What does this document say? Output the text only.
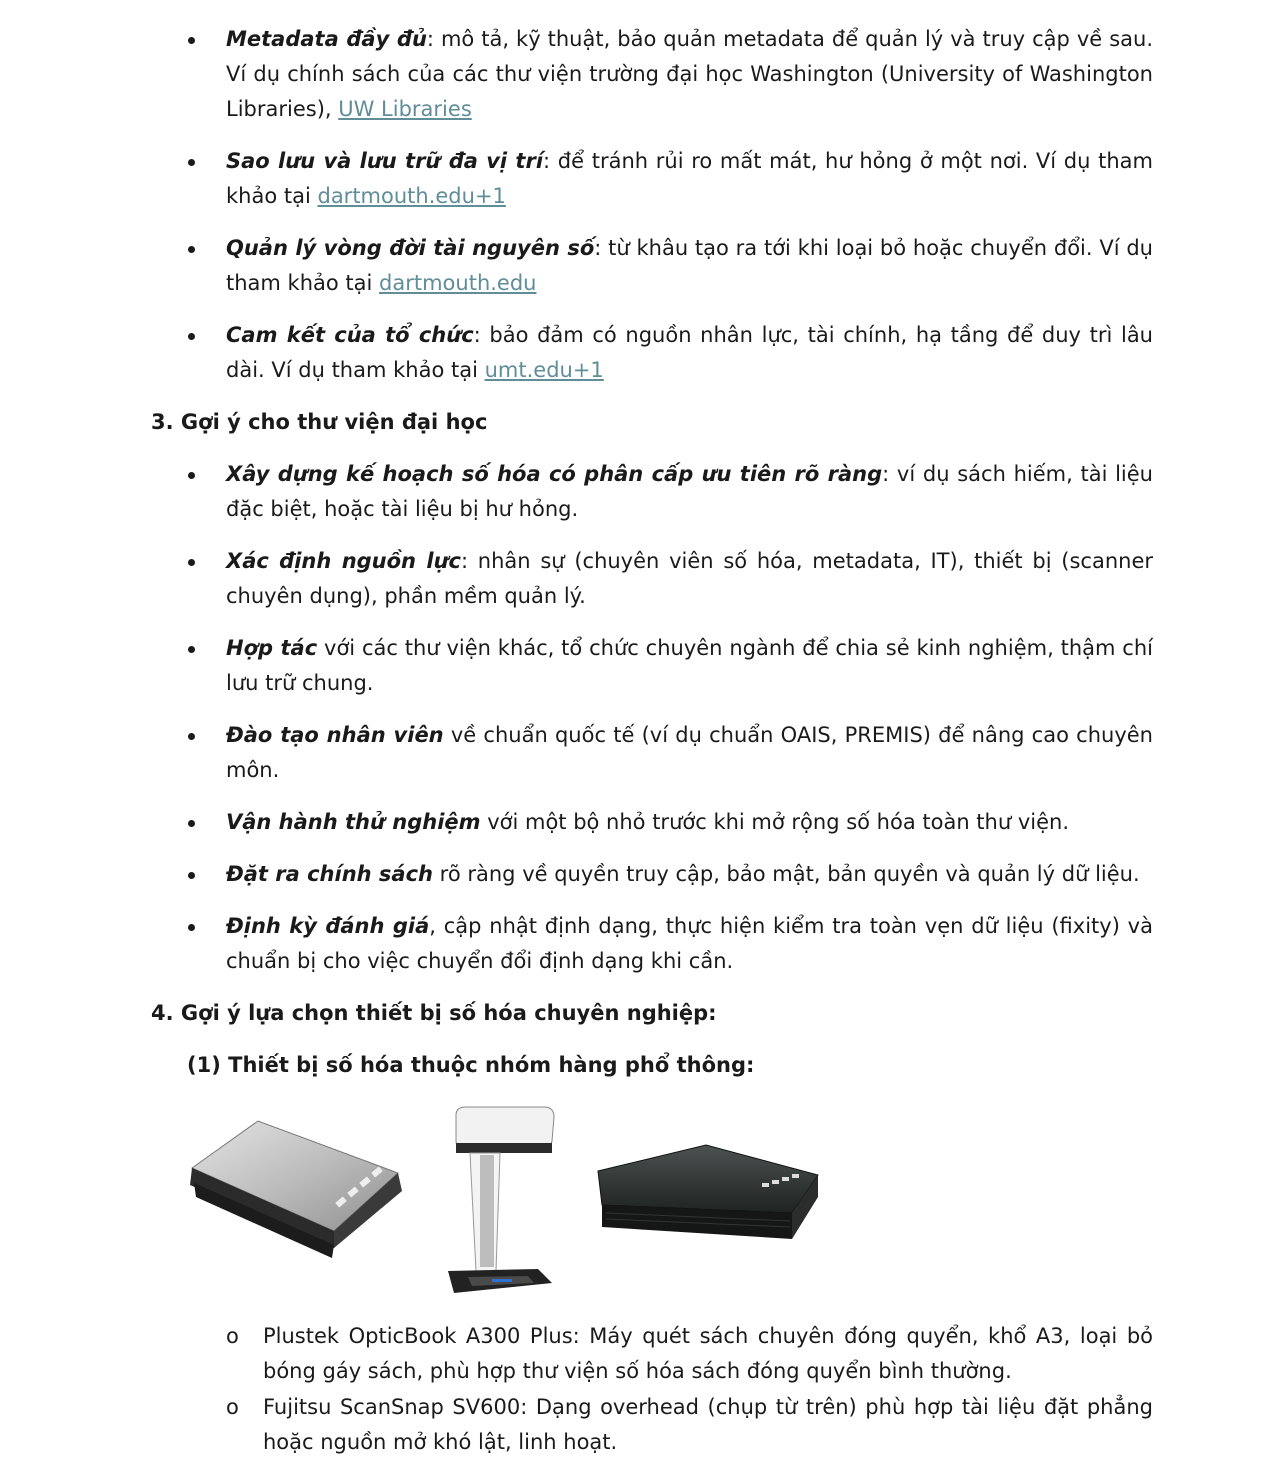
Metadata đầy đủ: mô tả, kỹ thuật, bảo quản metadata để quản lý và truy cập về sau. Ví dụ chính sách của các thư viện trường đại học Washington (University of Washington Libraries), UW Libraries
Sao lưu và lưu trữ đa vị trí: để tránh rủi ro mất mát, hư hỏng ở một nơi. Ví dụ tham khảo tại dartmouth.edu+1
Quản lý vòng đời tài nguyên số: từ khâu tạo ra tới khi loại bỏ hoặc chuyển đổi. Ví dụ tham khảo tại dartmouth.edu
Cam kết của tổ chức: bảo đảm có nguồn nhân lực, tài chính, hạ tầng để duy trì lâu dài. Ví dụ tham khảo tại umt.edu+1
3. Gợi ý cho thư viện đại học
Xây dựng kế hoạch số hóa có phân cấp ưu tiên rõ ràng: ví dụ sách hiếm, tài liệu đặc biệt, hoặc tài liệu bị hư hỏng.
Xác định nguồn lực: nhân sự (chuyên viên số hóa, metadata, IT), thiết bị (scanner chuyên dụng), phần mềm quản lý.
Hợp tác với các thư viện khác, tổ chức chuyên ngành để chia sẻ kinh nghiệm, thậm chí lưu trữ chung.
Đào tạo nhân viên về chuẩn quốc tế (ví dụ chuẩn OAIS, PREMIS) để nâng cao chuyên môn.
Vận hành thử nghiệm với một bộ nhỏ trước khi mở rộng số hóa toàn thư viện.
Đặt ra chính sách rõ ràng về quyền truy cập, bảo mật, bản quyền và quản lý dữ liệu.
Định kỳ đánh giá, cập nhật định dạng, thực hiện kiểm tra toàn vẹn dữ liệu (fixity) và chuẩn bị cho việc chuyển đổi định dạng khi cần.
4. Gợi ý lựa chọn thiết bị số hóa chuyên nghiệp:
(1) Thiết bị số hóa thuộc nhóm hàng phổ thông:
o Plustek OpticBook A300 Plus: Máy quét sách chuyên đóng quyển, khổ A3, loại bỏ bóng gáy sách, phù hợp thư viện số hóa sách đóng quyển bình thường.
o Fujitsu ScanSnap SV600: Dạng overhead (chụp từ trên) phù hợp tài liệu đặt phẳng hoặc nguồn mở khó lật, linh hoạt.
